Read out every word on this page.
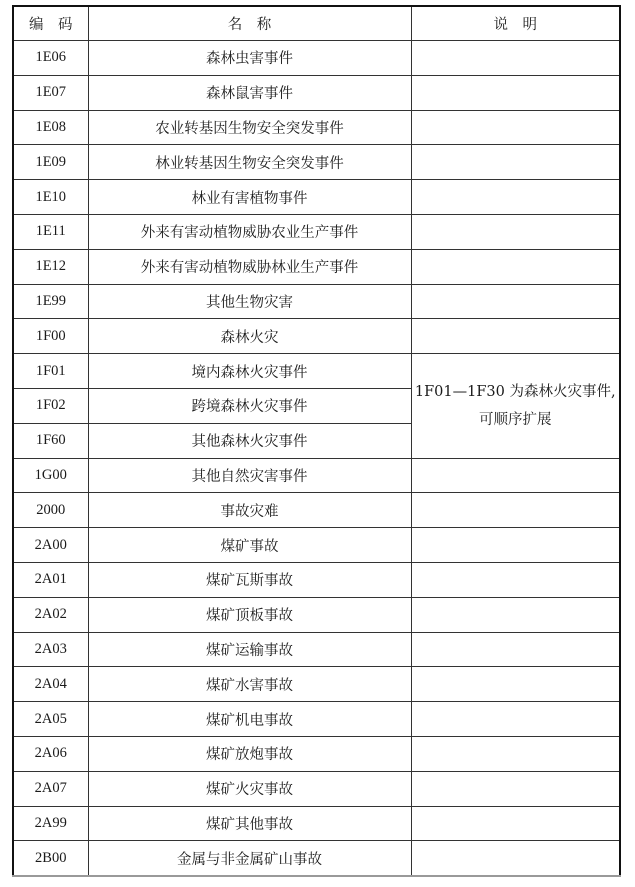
编　码	名　称	说　明
1E06	森林虫害事件	
1E07	森林鼠害事件	
1E08	农业转基因生物安全突发事件	
1E09	林业转基因生物安全突发事件	
1E10	林业有害植物事件	
1E11	外来有害动植物威胁农业生产事件	
1E12	外来有害动植物威胁林业生产事件	
1E99	其他生物灾害	
1F00	森林火灾	
1F01	境内森林火灾事件	1F01—1F30 为森林火灾事件,可顺序扩展
1F02	跨境森林火灾事件	
1F60	其他森林火灾事件	
1G00	其他自然灾害事件	
2000	事故灾难	
2A00	煤矿事故	
2A01	煤矿瓦斯事故	
2A02	煤矿顶板事故	
2A03	煤矿运输事故	
2A04	煤矿水害事故	
2A05	煤矿机电事故	
2A06	煤矿放炮事故	
2A07	煤矿火灾事故	
2A99	煤矿其他事故	
2B00	金属与非金属矿山事故	
